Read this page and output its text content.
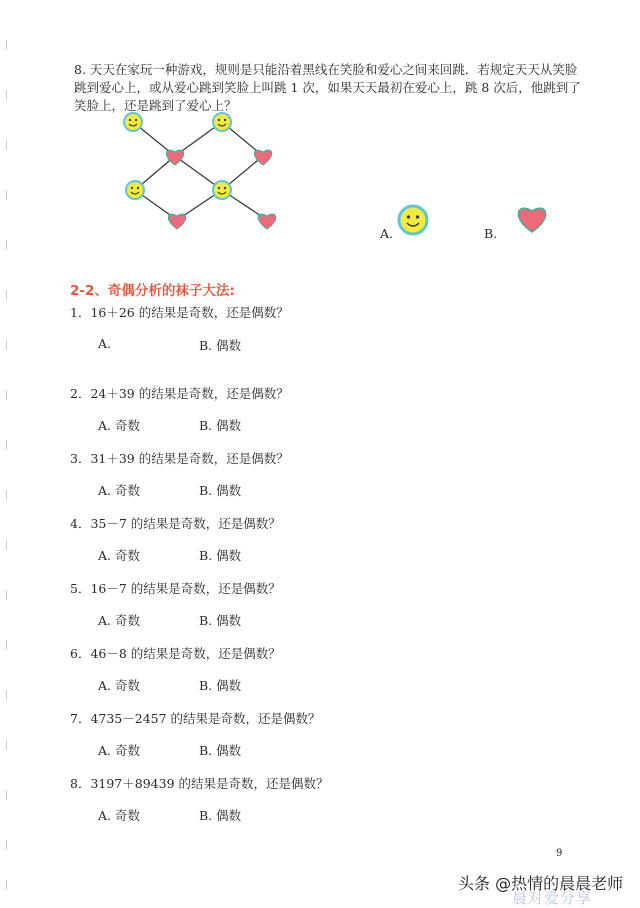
8. 天天在家玩一种游戏，规则是只能沿着黑线在笑脸和爱心之间来回跳．若规定天天从笑脸跳到爱心上，或从爱心跳到笑脸上叫跳 1 次，如果天天最初在爱心上，跳 8 次后，他跳到了笑脸上，还是跳到了爱心上？
A.	B.
2-2、奇偶分析的袜子大法:
1．16＋26 的结果是奇数，还是偶数？
A.	B. 偶数
2．24＋39 的结果是奇数，还是偶数？
A. 奇数	B. 偶数
3．31＋39 的结果是奇数，还是偶数？
A. 奇数	B. 偶数
4．35－7 的结果是奇数，还是偶数？
A. 奇数	B. 偶数
5．16－7 的结果是奇数，还是偶数？
A. 奇数	B. 偶数
6．46－8 的结果是奇数，还是偶数？
A. 奇数	B. 偶数
7．4735－2457 的结果是奇数，还是偶数？
A. 奇数	B. 偶数
8．3197＋89439 的结果是奇数，还是偶数？
A. 奇数	B. 偶数
9
头条 @热情的晨晨老师
晨对爱分享
